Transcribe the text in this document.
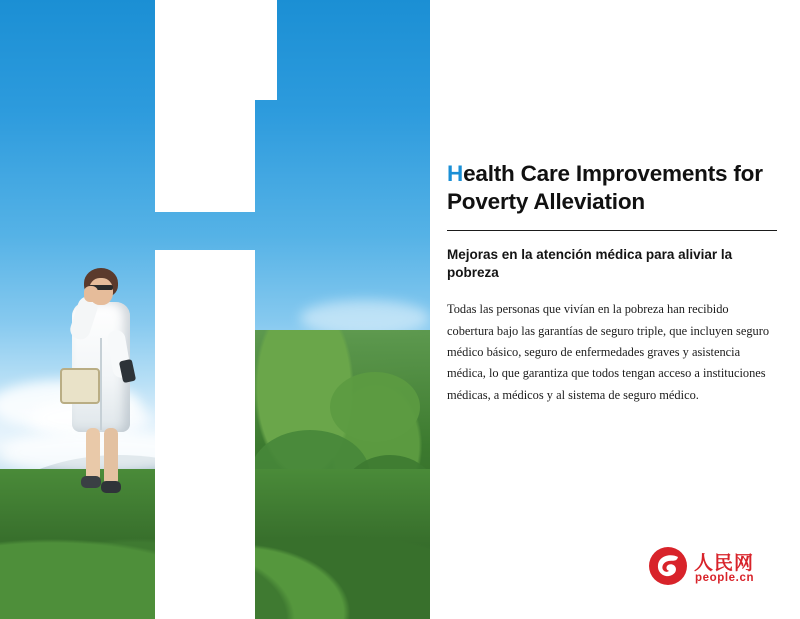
Health Care Improvements for Poverty Alleviation
Mejoras en la atención médica para aliviar la pobreza

Todas las personas que vivían en la pobreza han recibido cobertura bajo las garantías de seguro triple, que incluyen seguro médico básico, seguro de enfermedades graves y asistencia médica, lo que garantiza que todos tengan acceso a instituciones médicas, a médicos y al sistema de seguro médico.

人民网
people.cn
